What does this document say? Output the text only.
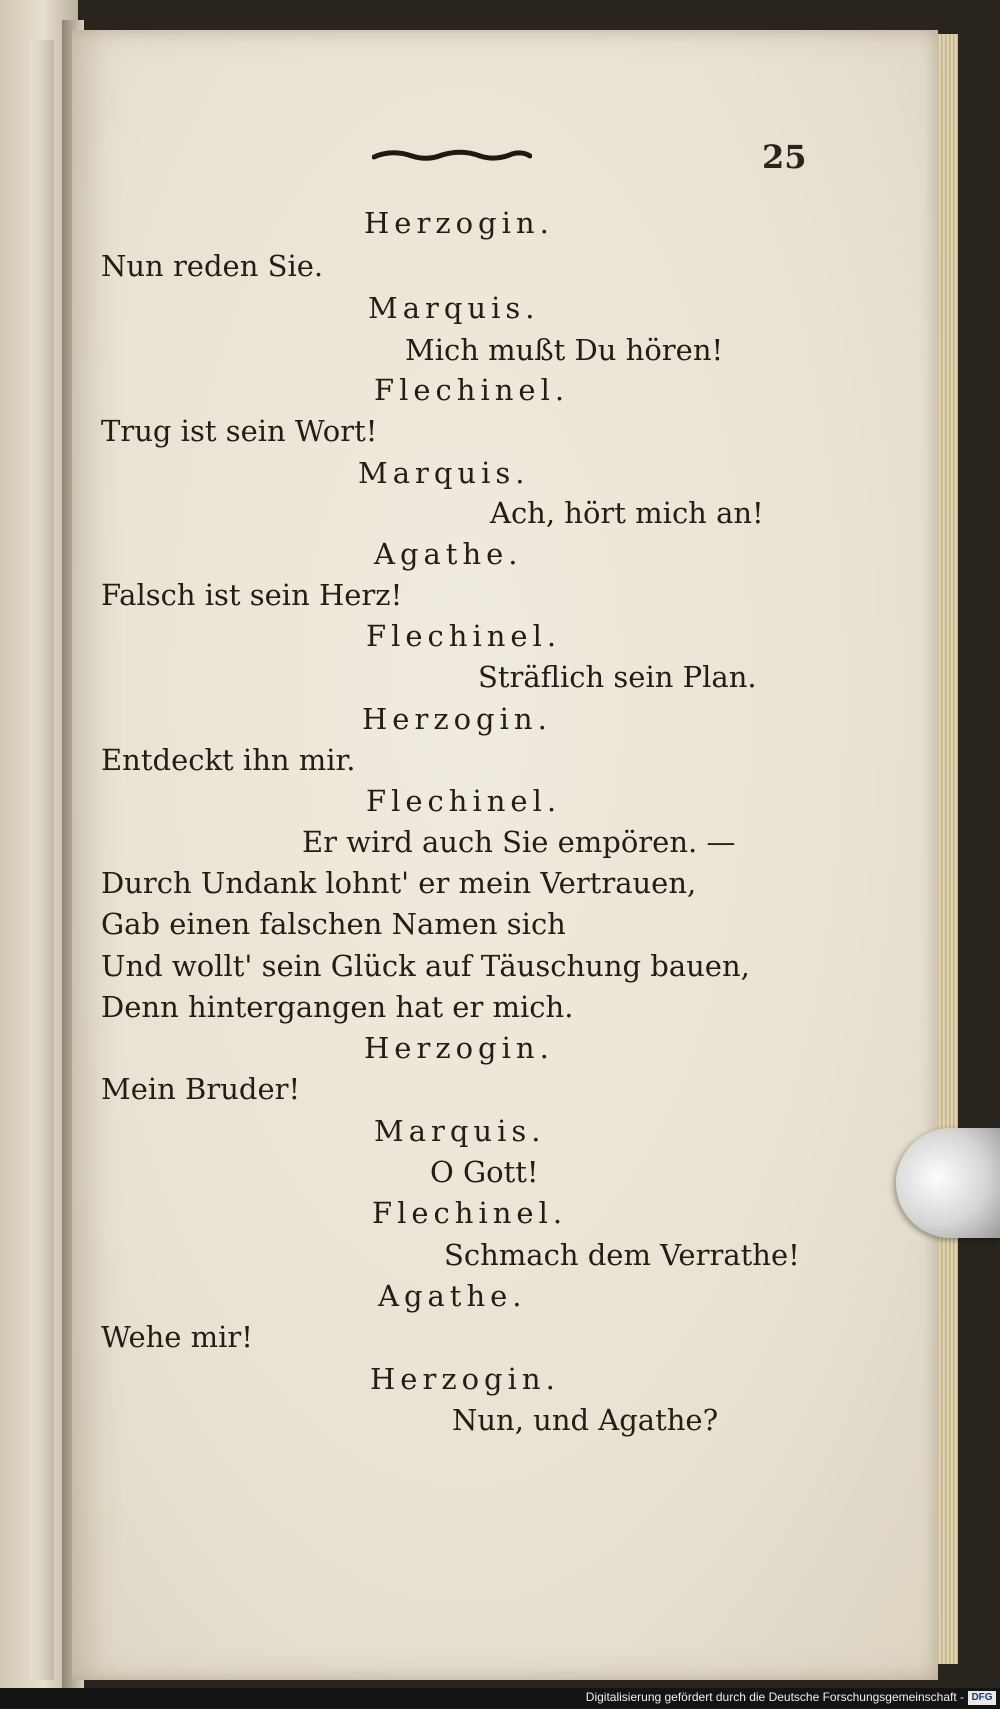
25
Herzogin.
Nun reden Sie.
Marquis.
Mich mußt Du hören!
Flechinel.
Trug ist sein Wort!
Marquis.
Ach, hört mich an!
Agathe.
Falsch ist sein Herz!
Flechinel.
Sträflich sein Plan.
Herzogin.
Entdeckt ihn mir.
Flechinel.
Er wird auch Sie empören. —
Durch Undank lohnt' er mein Vertrauen,
Gab einen falschen Namen sich
Und wollt' sein Glück auf Täuschung bauen,
Denn hintergangen hat er mich.
Herzogin.
Mein Bruder!
Marquis.
O Gott!
Flechinel.
Schmach dem Verrathe!
Agathe.
Wehe mir!
Herzogin.
Nun, und Agathe?
Digitalisierung gefördert durch die Deutsche Forschungsgemeinschaft - DFG
